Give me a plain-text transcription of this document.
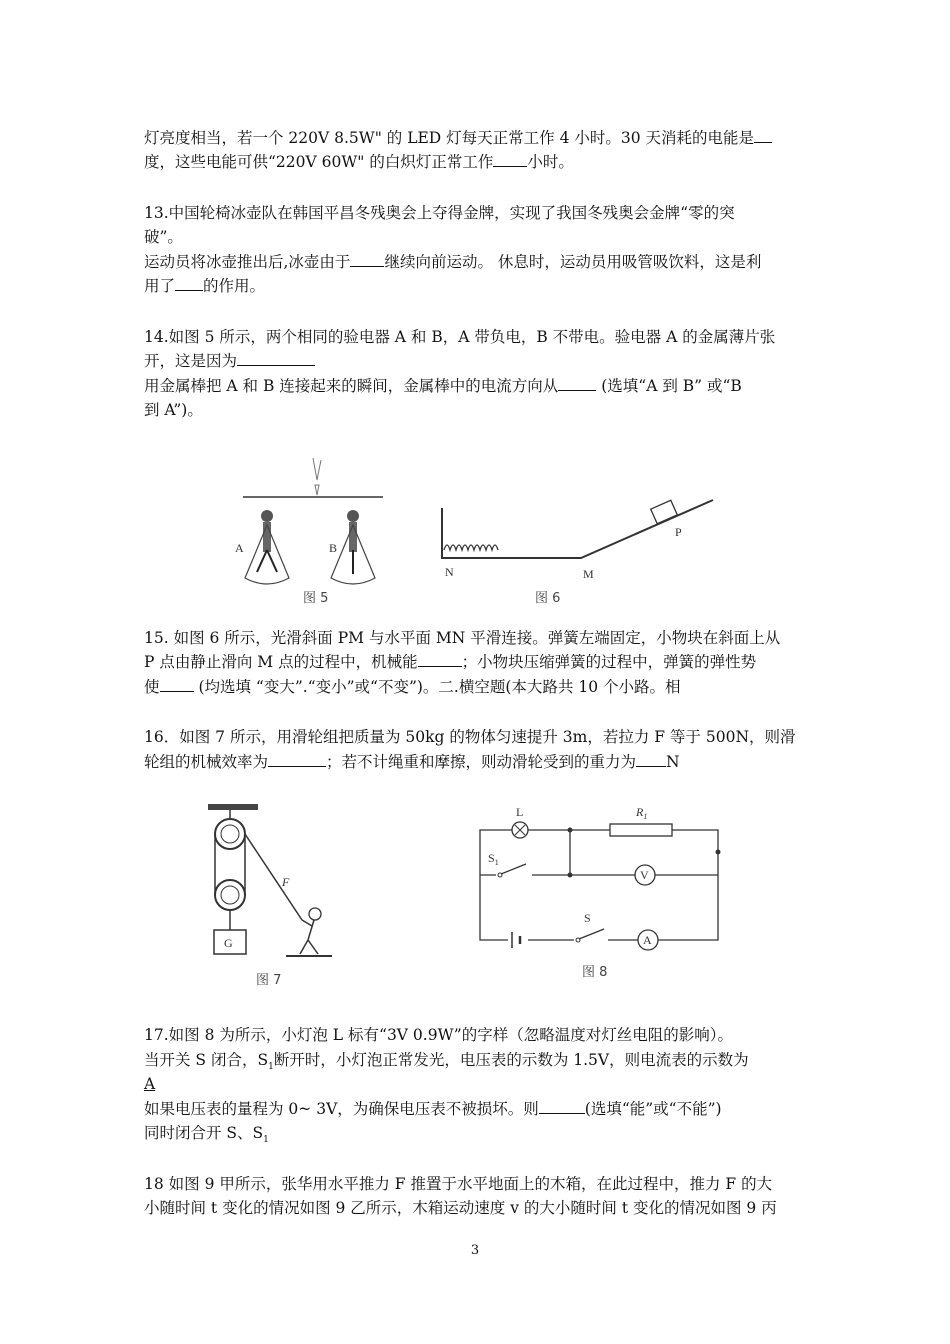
灯亮度相当，若一个 220V 8.5W" 的 LED 灯每天正常工作 4 小时。30 天消耗的电能是
度，这些电能可供“220V 60W" 的白炽灯正常工作 小时。
13.中国轮椅冰壶队在韩国平昌冬残奥会上夺得金牌，实现了我国冬残奥会金牌“零的突
破”。
运动员将冰壶推出后,冰壶由于 继续向前运动。 休息时，运动员用吸管吸饮料，这是利
用了 的作用。
14.如图 5 所示，两个相同的验电器 A 和 B，A 带负电，B 不带电。验电器 A 的金属薄片张
开，这是因为
用金属棒把 A 和 B 连接起来的瞬间，金属棒中的电流方向从 (选填“A 到 B” 或“B
到 A”)。
A	B
图 5
N	M
P
图 6
15. 如图 6 所示，光滑斜面 PM 与水平面 MN 平滑连接。弹簧左端固定，小物块在斜面上从
P 点由静止滑向 M 点的过程中，机械能	；小物块压缩弹簧的过程中，弹簧的弹性势
使 (均选填 “变大”.“变小”或“不变”)。二.横空题(本大路共 10 个小路。相
16．如图 7 所示，用滑轮组把质量为 50kg 的物体匀速提升 3m，若拉力 F 等于 500N，则滑
轮组的机械效率为	；若不计绳重和摩擦，则动滑轮受到的重力为 N
G
F
图 7
L	$R_1$
$S_1$
V
S
A
图 8
17.如图 8 为所示，小灯泡 L 标有“3V 0.9W”的字样（忽略温度对灯丝电阻的影响）。
当开关 S 闭合，$S_1$断开时，小灯泡正常发光，电压表的示数为 1.5V，则电流表的示数为
A
如果电压表的量程为 0~ 3V，为确保电压表不被损坏。则	(选填“能”或“不能”)
同时闭合开 S、$S_1$
18 如图 9 甲所示，张华用水平推力 F 推置于水平地面上的木箱，在此过程中，推力 F 的大
小随时间 t 变化的情况如图 9 乙所示，木箱运动速度 v 的大小随时间 t 变化的情况如图 9 丙
3
